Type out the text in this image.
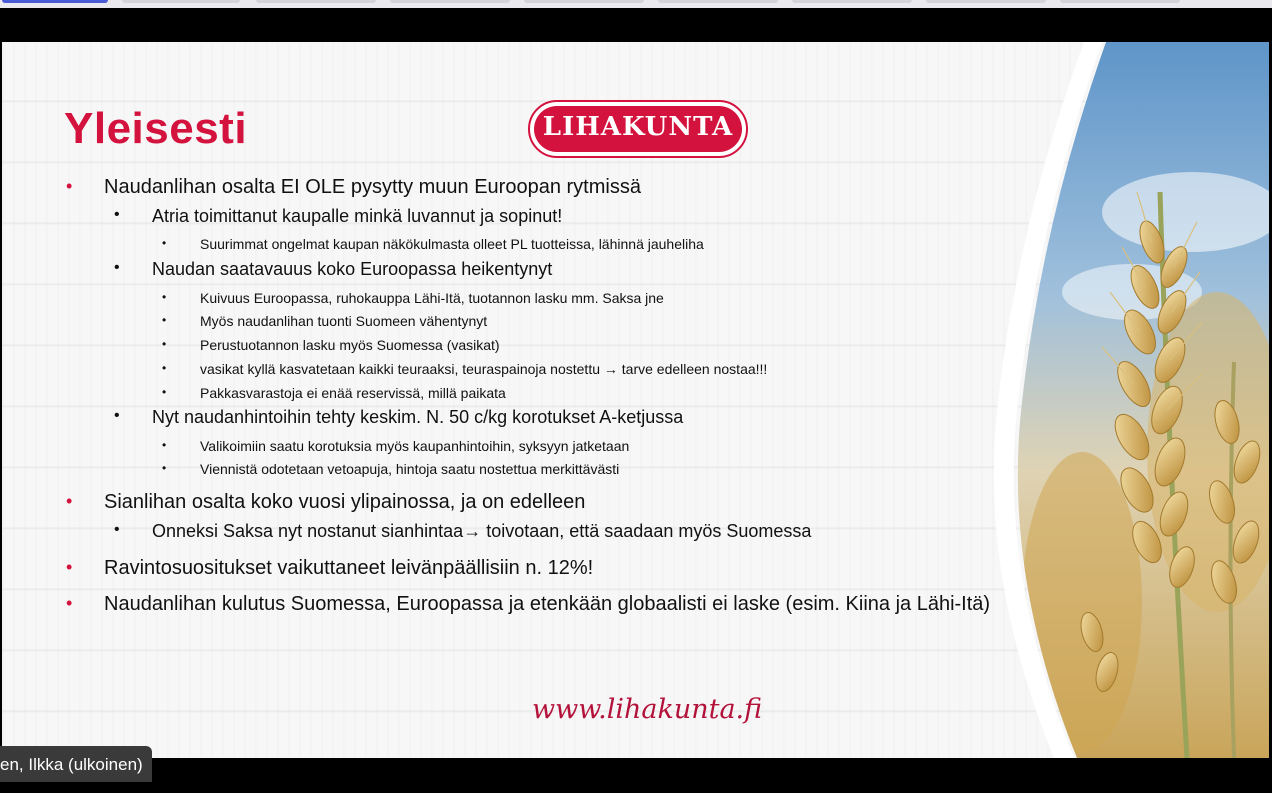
Yleisesti	LIHAKUNTA
• Naudanlihan osalta EI OLE pysytty muun Euroopan rytmissä
• Atria toimittanut kaupalle minkä luvannut ja sopinut!
• Suurimmat ongelmat kaupan näkökulmasta olleet PL tuotteissa, lähinnä jauheliha
• Naudan saatavauus koko Euroopassa heikentynyt
• Kuivuus Euroopassa, ruhokauppa Lähi-Itä, tuotannon lasku mm. Saksa jne
• Myös naudanlihan tuonti Suomeen vähentynyt
• Perustuotannon lasku myös Suomessa (vasikat)
• vasikat kyllä kasvatetaan kaikki teuraaksi, teuraspainoja nostettu → tarve edelleen nostaa!!!
• Pakkasvarastoja ei enää reservissä, millä paikata
• Nyt naudanhintoihin tehty keskim. N. 50 c/kg korotukset A-ketjussa
• Valikoimiin saatu korotuksia myös kaupanhintoihin, syksyyn jatketaan
• Viennistä odotetaan vetoapuja, hintoja saatu nostettua merkittävästi
• Sianlihan osalta koko vuosi ylipainossa, ja on edelleen
• Onneksi Saksa nyt nostanut sianhintaa→ toivotaan, että saadaan myös Suomessa
• Ravintosuositukset vaikuttaneet leivänpäällisiin n. 12%!
• Naudanlihan kulutus Suomessa, Euroopassa ja etenkään globaalisti ei laske (esim. Kiina ja Lähi-Itä)
www.lihakunta.fi
en, Ilkka (ulkoinen)
